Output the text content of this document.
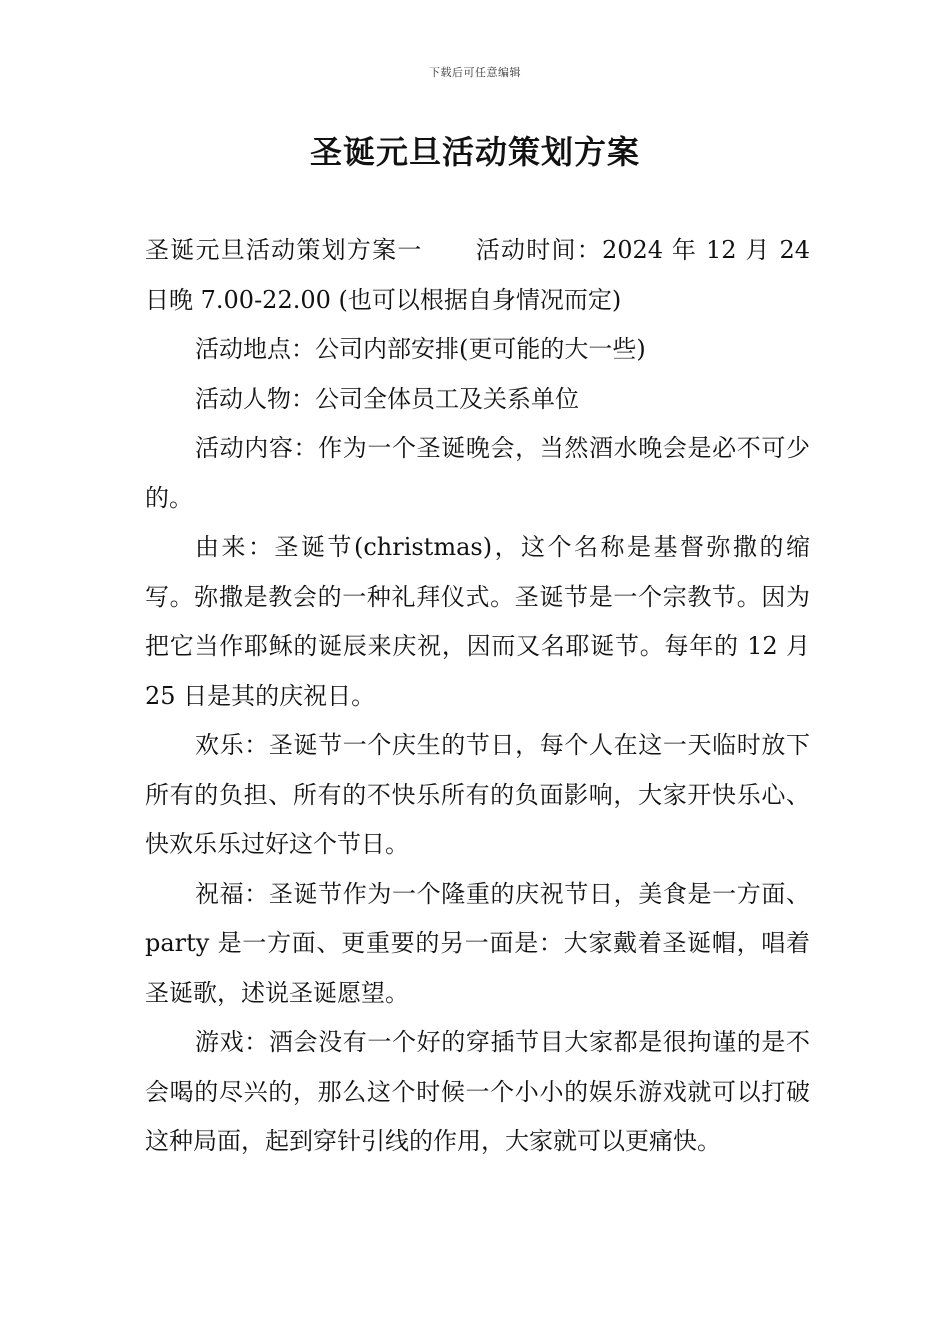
下载后可任意编辑
圣诞元旦活动策划方案

圣诞元旦活动策划方案一 活动时间：2024 年 12 月 24 日晚 7.00-22.00 (也可以根据自身情况而定)

活动地点：公司内部安排(更可能的大一些)

活动人物：公司全体员工及关系单位

活动内容：作为一个圣诞晚会，当然酒水晚会是必不可少的。

由来：圣诞节(christmas)，这个名称是基督弥撒的缩写。弥撒是教会的一种礼拜仪式。圣诞节是一个宗教节。因为把它当作耶稣的诞辰来庆祝，因而又名耶诞节。每年的 12 月 25 日是其的庆祝日。

欢乐：圣诞节一个庆生的节日，每个人在这一天临时放下所有的负担、所有的不快乐所有的负面影响，大家开快乐心、快欢乐乐过好这个节日。

祝福：圣诞节作为一个隆重的庆祝节日，美食是一方面、party 是一方面、更重要的另一面是：大家戴着圣诞帽，唱着圣诞歌，述说圣诞愿望。

游戏：酒会没有一个好的穿插节目大家都是很拘谨的是不会喝的尽兴的，那么这个时候一个小小的娱乐游戏就可以打破这种局面，起到穿针引线的作用，大家就可以更痛快。
